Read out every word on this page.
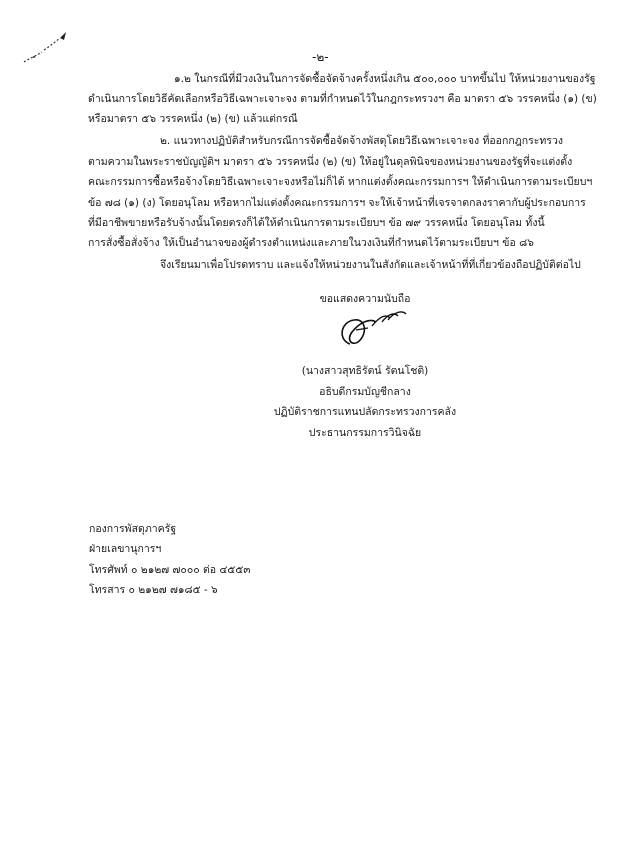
-๒-
๑.๒ ในกรณีที่มีวงเงินในการจัดซื้อจัดจ้างครั้งหนึ่งเกิน ๕๐๐,๐๐๐ บาทขึ้นไป ให้หน่วยงานของรัฐ
ดำเนินการโดยวิธีคัดเลือกหรือวิธีเฉพาะเจาะจง ตามที่กำหนดไว้ในกฎกระทรวงฯ คือ มาตรา ๕๖ วรรคหนึ่ง (๑) (ข)
หรือมาตรา ๕๖ วรรคหนึ่ง (๒) (ข) แล้วแต่กรณี
๒. แนวทางปฏิบัติสำหรับกรณีการจัดซื้อจัดจ้างพัสดุโดยวิธีเฉพาะเจาะจง ที่ออกกฎกระทรวง
ตามความในพระราชบัญญัติฯ มาตรา ๕๖ วรรคหนึ่ง (๒) (ข) ให้อยู่ในดุลพินิจของหน่วยงานของรัฐที่จะแต่งตั้ง
คณะกรรมการซื้อหรือจ้างโดยวิธีเฉพาะเจาะจงหรือไม่ก็ได้ หากแต่งตั้งคณะกรรมการฯ ให้ดำเนินการตามระเบียบฯ
ข้อ ๗๘ (๑) (ง) โดยอนุโลม หรือหากไม่แต่งตั้งคณะกรรมการฯ จะให้เจ้าหน้าที่เจรจาตกลงราคากับผู้ประกอบการ
ที่มีอาชีพขายหรือรับจ้างนั้นโดยตรงก็ได้ให้ดำเนินการตามระเบียบฯ ข้อ ๗๙ วรรคหนึ่ง โดยอนุโลม ทั้งนี้
การสั่งซื้อสั่งจ้าง ให้เป็นอำนาจของผู้ดำรงตำแหน่งและภายในวงเงินที่กำหนดไว้ตามระเบียบฯ ข้อ ๘๖
จึงเรียนมาเพื่อโปรดทราบ และแจ้งให้หน่วยงานในสังกัดและเจ้าหน้าที่ที่เกี่ยวข้องถือปฏิบัติต่อไป
ขอแสดงความนับถือ
(นางสาวสุทธิรัตน์ รัตนโชติ)
อธิบดีกรมบัญชีกลาง
ปฏิบัติราชการแทนปลัดกระทรวงการคลัง
ประธานกรรมการวินิจฉัย
กองการพัสดุภาครัฐ
ฝ่ายเลขานุการฯ
โทรศัพท์ ๐ ๒๑๒๗ ๗๐๐๐ ต่อ ๔๕๕๓
โทรสาร ๐ ๒๑๒๗ ๗๑๘๕ - ๖
